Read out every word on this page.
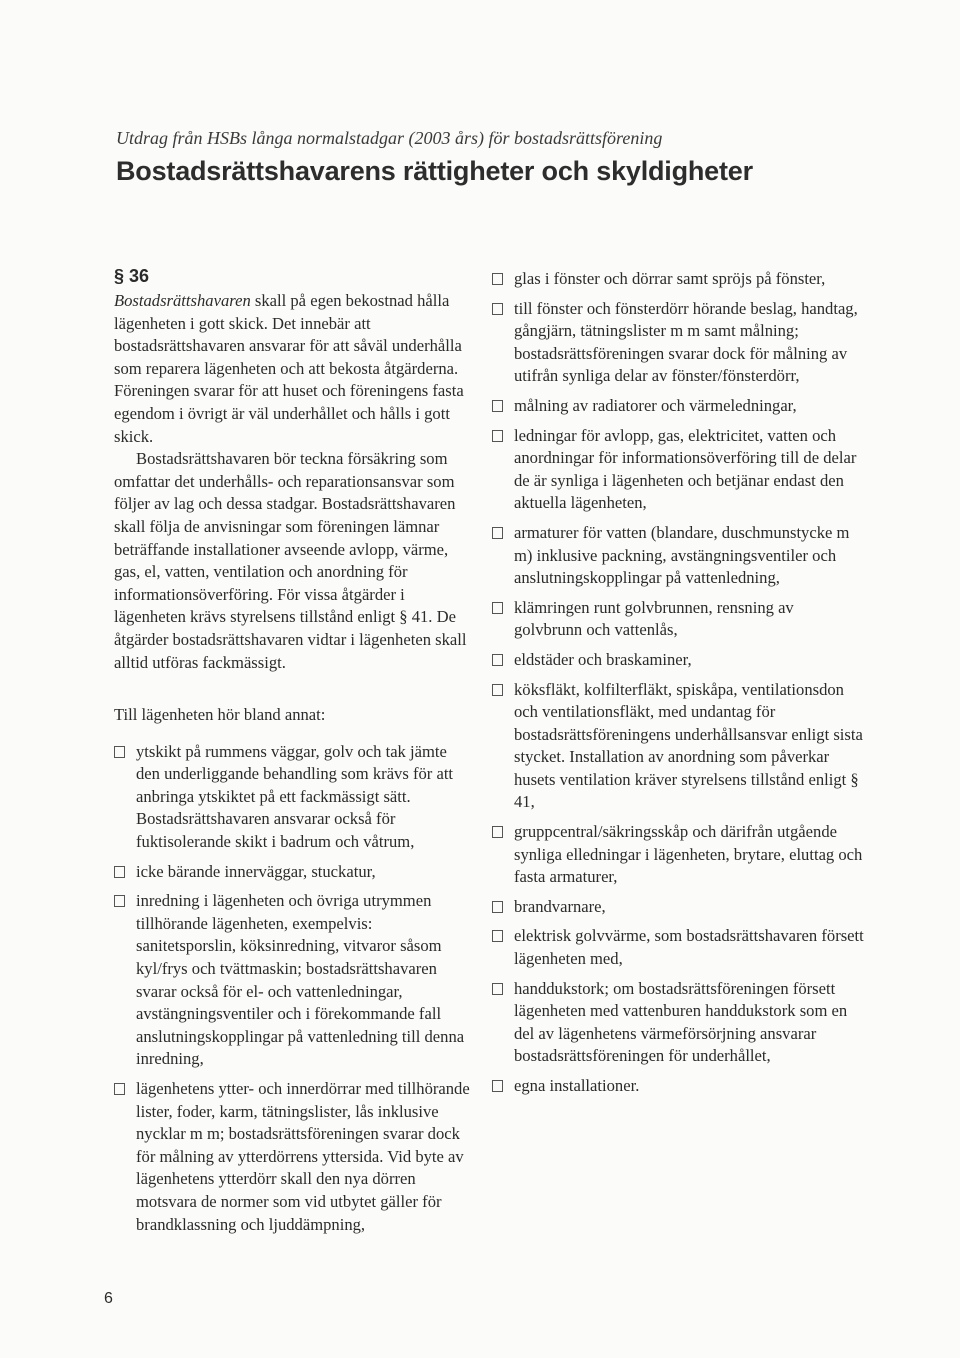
Utdrag från HSBs långa normalstadgar (2003 års) för bostadsrättsförening
Bostadsrättshavarens rättigheter och skyldigheter
§ 36

Bostadsrättshavaren skall på egen bekostnad hålla lägenheten i gott skick. Det innebär att bostadsrättshavaren ansvarar för att såväl underhålla som reparera lägenheten och att bekosta åtgärderna. Föreningen svarar för att huset och föreningens fasta egendom i övrigt är väl underhållet och hålls i gott skick.

Bostadsrättshavaren bör teckna försäkring som omfattar det underhålls- och reparationsansvar som följer av lag och dessa stadgar. Bostadsrättshavaren skall följa de anvisningar som föreningen lämnar beträffande installationer avseende avlopp, värme, gas, el, vatten, ventilation och anordning för informationsöverföring. För vissa åtgärder i lägenheten krävs styrelsens tillstånd enligt § 41. De åtgärder bostadsrättshavaren vidtar i lägenheten skall alltid utföras fackmässigt.

Till lägenheten hör bland annat:

ytskikt på rummens väggar, golv och tak jämte den underliggande behandling som krävs för att anbringa ytskiktet på ett fackmässigt sätt. Bostadsrättshavaren ansvarar också för fuktisolerande skikt i badrum och våtrum,
icke bärande innerväggar, stuckatur,
inredning i lägenheten och övriga utrymmen tillhörande lägenheten, exempelvis: sanitetsporslin, köksinredning, vitvaror såsom kyl/frys och tvättmaskin; bostadsrättshavaren svarar också för el- och vattenledningar, avstängningsventiler och i förekommande fall anslutningskopplingar på vattenledning till denna inredning,
lägenhetens ytter- och innerdörrar med tillhörande lister, foder, karm, tätningslister, lås inklusive nycklar m m; bostadsrättsföreningen svarar dock för målning av ytterdörrens yttersida. Vid byte av lägenhetens ytterdörr skall den nya dörren motsvara de normer som vid utbytet gäller för brandklassning och ljuddämpning,
glas i fönster och dörrar samt spröjs på fönster,
till fönster och fönsterdörr hörande beslag, handtag, gångjärn, tätningslister m m samt målning; bostadsrättsföreningen svarar dock för målning av utifrån synliga delar av fönster/fönsterdörr,
målning av radiatorer och värmeledningar,
ledningar för avlopp, gas, elektricitet, vatten och anordningar för informationsöverföring till de delar de är synliga i lägenheten och betjänar endast den aktuella lägenheten,
armaturer för vatten (blandare, duschmunstycke m m) inklusive packning, avstängningsventiler och anslutningskopplingar på vattenledning,
klämringen runt golvbrunnen, rensning av golvbrunn och vattenlås,
eldstäder och braskaminer,
köksfläkt, kolfilterfläkt, spiskåpa, ventilationsdon och ventilationsfläkt, med undantag för bostadsrättsföreningens underhållsansvar enligt sista stycket. Installation av anordning som påverkar husets ventilation kräver styrelsens tillstånd enligt § 41,
gruppcentral/säkringsskåp och därifrån utgående synliga elledningar i lägenheten, brytare, eluttag och fasta armaturer,
brandvarnare,
elektrisk golvvärme, som bostadsrättshavaren försett lägenheten med,
handdukstork; om bostadsrättsföreningen försett lägenheten med vattenburen handdukstork som en del av lägenhetens värmeförsörjning ansvarar bostadsrättsföreningen för underhållet,
egna installationer.
6
